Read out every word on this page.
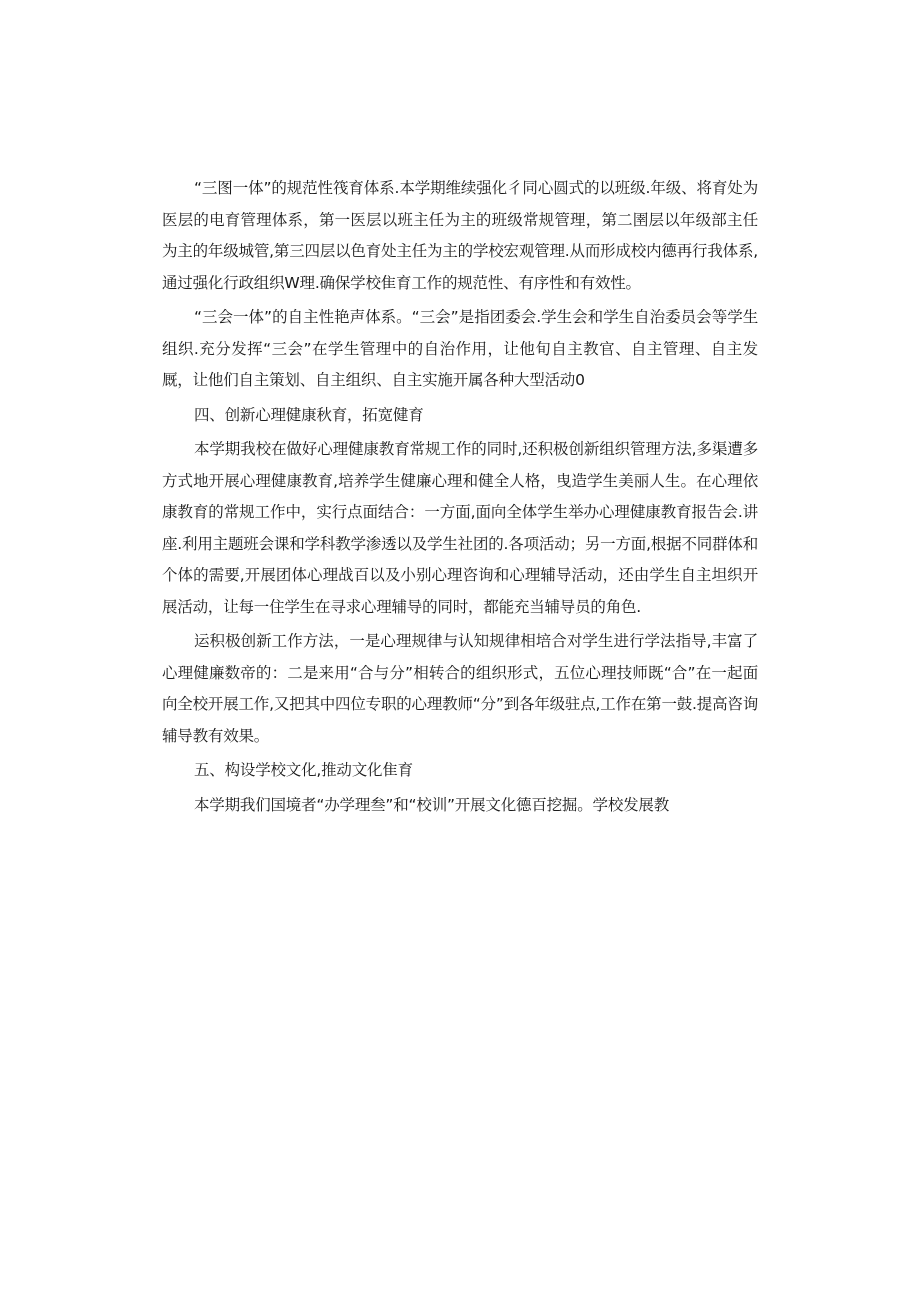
“三图一体”的规范性筏育体系.本学期维续强化彳同心圆式的以班级.年级、将育处为医层的电育管理体系，第一医层以班主任为主的班级常规管理，第二圉层以年级部主任为主的年级城管,第三四层以色育处主任为主的学校宏观管理.从而形成校内德再行我体系,通过强化行政组织W理.确保学校隹育工作的规范性、有序性和有效性。

“三会一体”的自主性艳声体系。“三会”是指团委会.学生会和学生自治委员会等学生组织.充分发挥“三会”在学生管理中的自治作用，让他旬自主教官、自主管理、自主发厩，让他们自主策划、自主组织、自主实施开属各种大型活动0

四、创新心理健康秋育，拓宽健育

本学期我校在做好心理健康教育常规工作的同时,还积极创新组织管理方法,多渠遭多方式地开展心理健康教育,培养学生健廉心理和健全人格，曳造学生美丽人生。在心理依康教育的常规工作中，实行点面结合：一方面,面向全体学生举办心理健康教育报告会.讲座.利用主题班会课和学科教学渗透以及学生社团的.各项活动；另一方面,根据不同群体和个体的需要,开展团体心理战百以及小别心理咨询和心理辅导活动，还由学生自主坦织开展活动，让每一住学生在寻求心理辅导的同时，都能充当辅导员的角色.

运积极创新工作方法，一是心理规律与认知规律相培合对学生进行学法指导,丰富了心理健廉数帝的：二是来用“合与分”相转合的组织形式，五位心理技师既“合”在一起面向全校开展工作,又把其中四位专职的心理教师“分”到各年级驻点,工作在第一鼓.提高咨询辅导教有效果。

五、构设学校文化,推动文化隹育

本学期我们国境者“办学理叁”和“校训”开展文化德百挖掘。学校发展教
